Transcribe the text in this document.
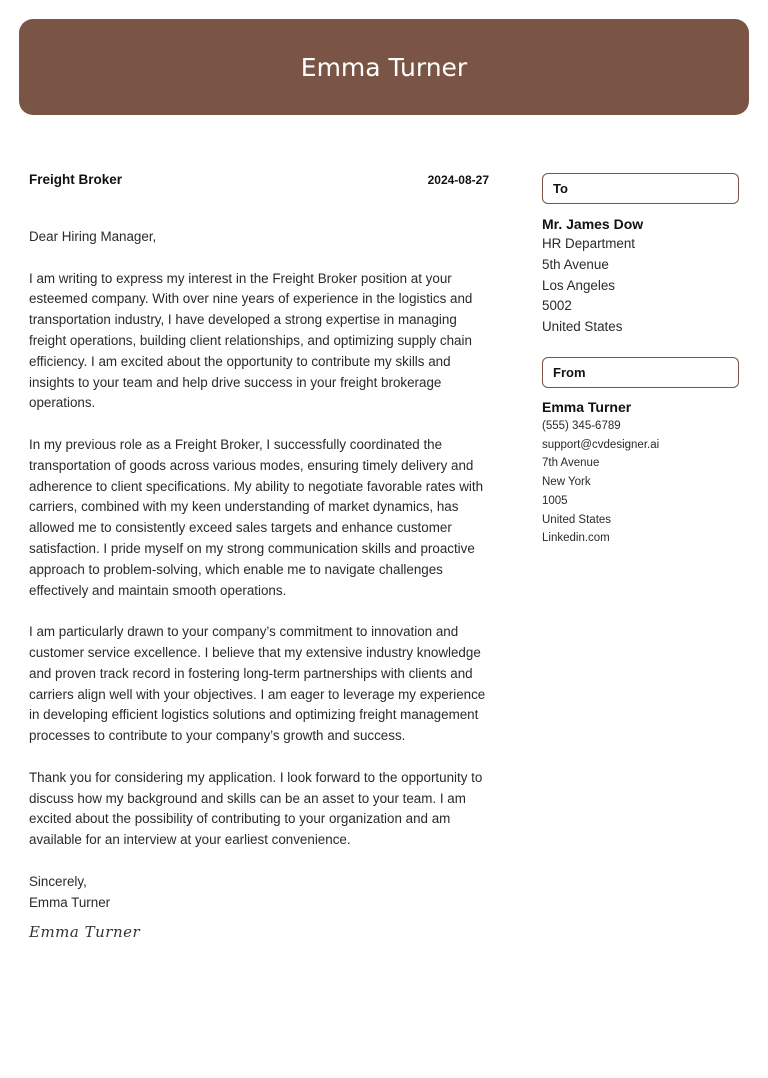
Emma Turner
Freight Broker	2024-08-27

Dear Hiring Manager,

I am writing to express my interest in the Freight Broker position at your esteemed company. With over nine years of experience in the logistics and transportation industry, I have developed a strong expertise in managing freight operations, building client relationships, and optimizing supply chain efficiency. I am excited about the opportunity to contribute my skills and insights to your team and help drive success in your freight brokerage operations.

In my previous role as a Freight Broker, I successfully coordinated the transportation of goods across various modes, ensuring timely delivery and adherence to client specifications. My ability to negotiate favorable rates with carriers, combined with my keen understanding of market dynamics, has allowed me to consistently exceed sales targets and enhance customer satisfaction. I pride myself on my strong communication skills and proactive approach to problem-solving, which enable me to navigate challenges effectively and maintain smooth operations.

I am particularly drawn to your company’s commitment to innovation and customer service excellence. I believe that my extensive industry knowledge and proven track record in fostering long-term partnerships with clients and carriers align well with your objectives. I am eager to leverage my experience in developing efficient logistics solutions and optimizing freight management processes to contribute to your company’s growth and success.

Thank you for considering my application. I look forward to the opportunity to discuss how my background and skills can be an asset to your team. I am excited about the possibility of contributing to your organization and am available for an interview at your earliest convenience.

Sincerely,

Emma Turner

Emma Turner
To
Mr. James Dow
HR Department
5th Avenue
Los Angeles
5002
United States
From
Emma Turner
(555) 345-6789
support@cvdesigner.ai
7th Avenue
New York
1005
United States
Linkedin.com
